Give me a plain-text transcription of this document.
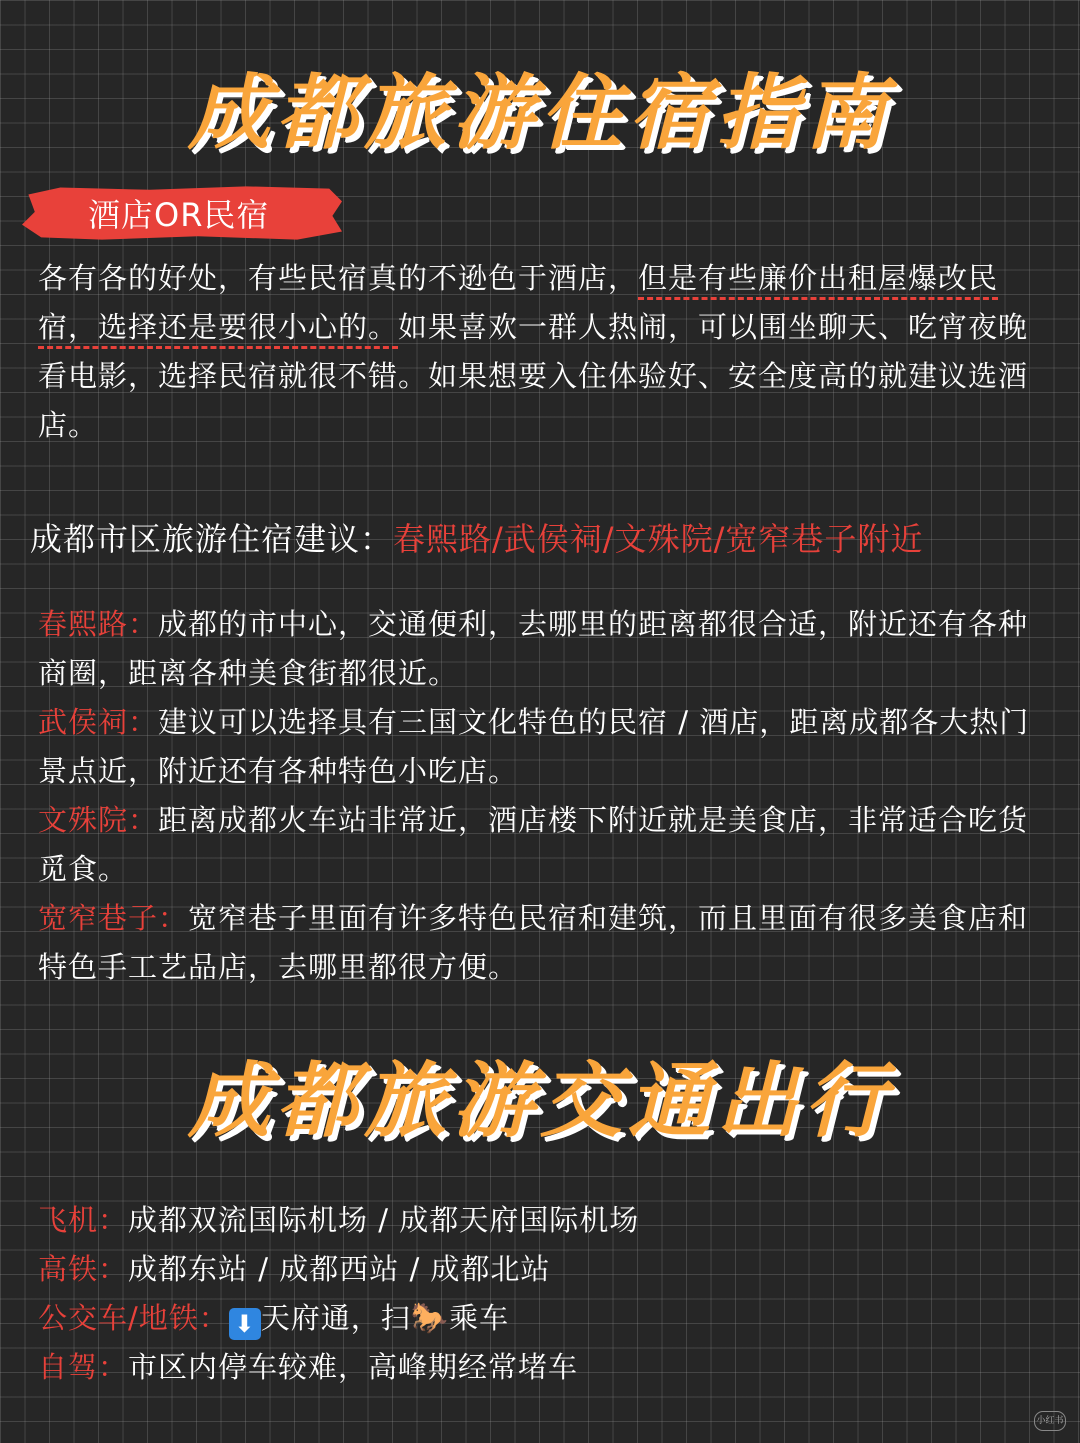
成都旅游住宿指南
酒店OR民宿

各有各的好处，有些民宿真的不逊色于酒店，但是有些廉价出租屋爆改民宿，选择还是要很小心的。如果喜欢一群人热闹，可以围坐聊天、吃宵夜晚看电影，选择民宿就很不错。如果想要入住体验好、安全度高的就建议选酒店。

成都市区旅游住宿建议：春熙路/武侯祠/文殊院/宽窄巷子附近

春熙路：成都的市中心，交通便利，去哪里的距离都很合适，附近还有各种商圈，距离各种美食街都很近。

武侯祠：建议可以选择具有三国文化特色的民宿 / 酒店，距离成都各大热门景点近，附近还有各种特色小吃店。

文殊院：距离成都火车站非常近，酒店楼下附近就是美食店，非常适合吃货觅食。

宽窄巷子：宽窄巷子里面有许多特色民宿和建筑，而且里面有很多美食店和特色手工艺品店，去哪里都很方便。

成都旅游交通出行

飞机：成都双流国际机场 / 成都天府国际机场

高铁：成都东站 / 成都西站 / 成都北站

公交车/地铁： ⬇ 天府通，扫🐎乘车

自驾：市区内停车较难，高峰期经常堵车

小红书
